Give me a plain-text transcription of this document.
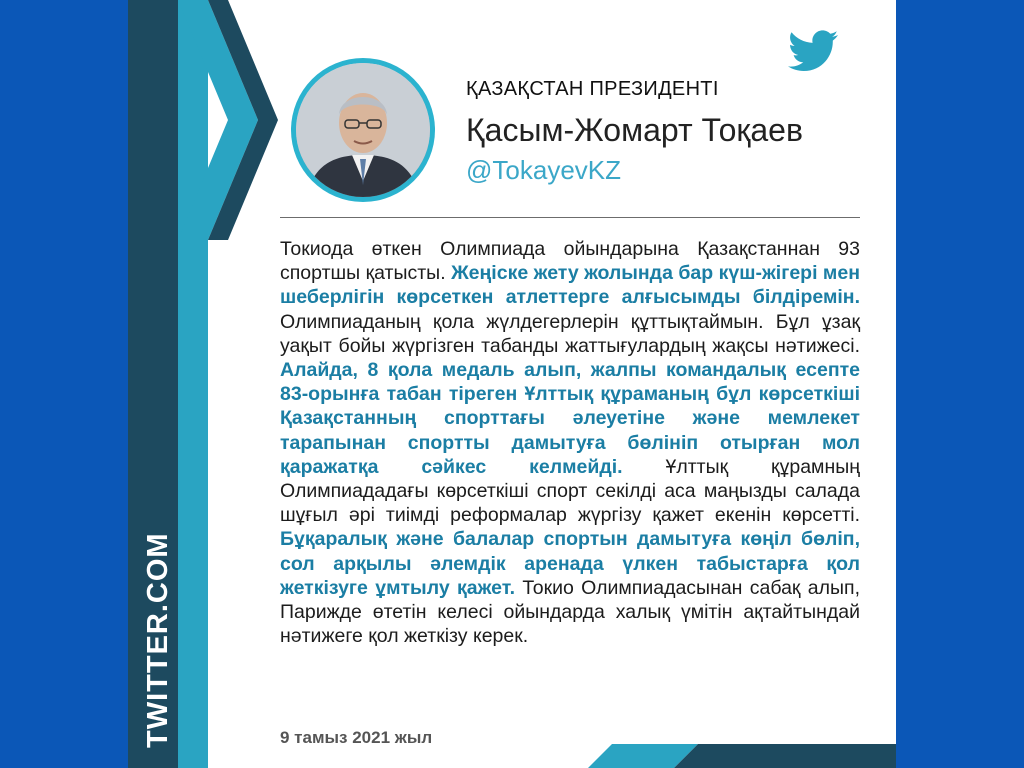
TWITTER.COM
ҚАЗАҚСТАН ПРЕЗИДЕНТІ
Қасым-Жомарт Тоқаев
@TokayevKZ
Токиода өткен Олимпиада ойындарына Қазақстаннан 93 спортшы қатысты. Жеңіске жету жолында бар күш-жігері мен шеберлігін көрсеткен атлеттерге алғысымды білдіремін. Олимпиаданың қола жүлдегерлерін құттықтаймын. Бұл ұзақ уақыт бойы жүргізген табанды жаттығулардың жақсы нәтижесі. Алайда, 8 қола медаль алып, жалпы командалық есепте 83-орынға табан тіреген Ұлттық құраманың бұл көрсеткіші Қазақстанның спорттағы әлеуетіне және мемлекет тарапынан спортты дамытуға бөлініп отырған мол қаражатқа сәйкес келмейді. Ұлттық құрамның Олимпиададағы көрсеткіші спорт секілді аса маңызды салада шұғыл әрі тиімді реформалар жүргізу қажет екенін көрсетті. Бұқаралық және балалар спортын дамытуға көңіл бөліп, сол арқылы әлемдік аренада үлкен табыстарға қол жеткізуге ұмтылу қажет. Токио Олимпиадасынан сабақ алып, Парижде өтетін келесі ойындарда халық үмітін ақтайтындай нәтижеге қол жеткізу керек.
9 тамыз 2021 жыл
